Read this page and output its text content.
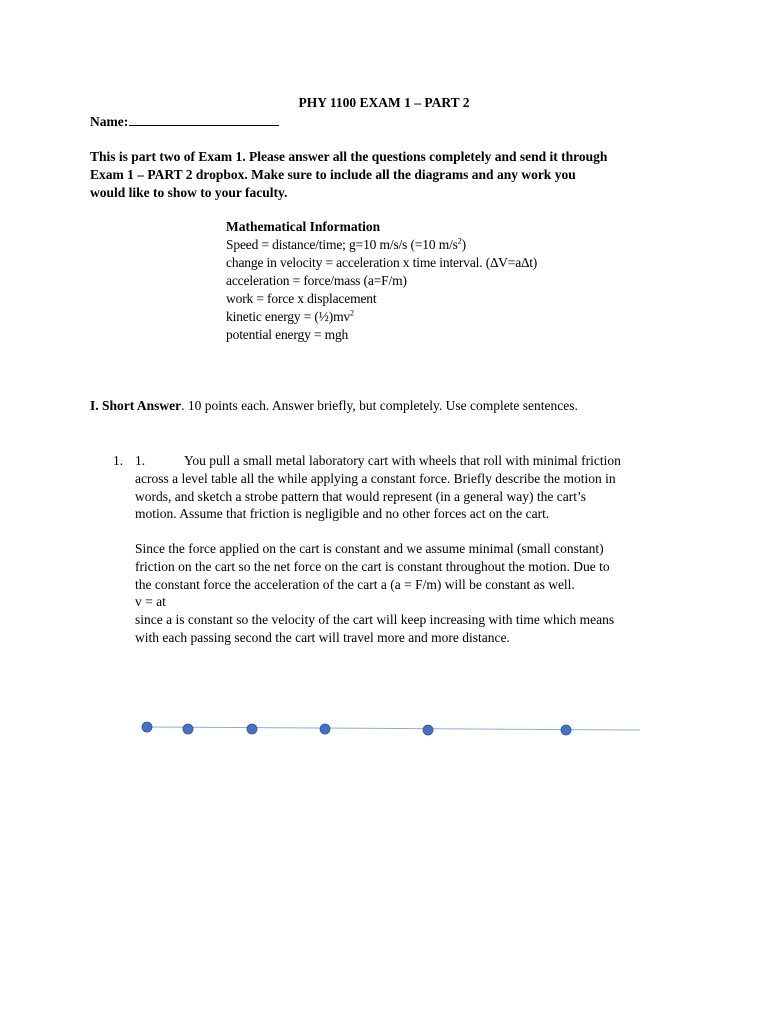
PHY 1100 EXAM 1 – PART 2
Name:
This is part two of Exam 1. Please answer all the questions completely and send it through
Exam 1 – PART 2 dropbox. Make sure to include all the diagrams and any work you
would like to show to your faculty.
Mathematical Information
Speed = distance/time; g=10 m/s/s (=10 $m/s^2$)
change in velocity = acceleration x time interval. (∆V=a∆t)
acceleration = force/mass (a=F/m)
work = force x displacement
kinetic energy = $(\frac{1}{2})mv^2$
potential energy = mgh
I. Short Answer. 10 points each. Answer briefly, but completely. Use complete sentences.
1. 1.	You pull a small metal laboratory cart with wheels that roll with minimal friction
across a level table all the while applying a constant force. Briefly describe the motion in
words, and sketch a strobe pattern that would represent (in a general way) the cart’s
motion. Assume that friction is negligible and no other forces act on the cart.
Since the force applied on the cart is constant and we assume minimal (small constant)
friction on the cart so the net force on the cart is constant throughout the motion. Due to
the constant force the acceleration of the cart a (a = F/m) will be constant as well.
v = at
since a is constant so the velocity of the cart will keep increasing with time which means
with each passing second the cart will travel more and more distance.
